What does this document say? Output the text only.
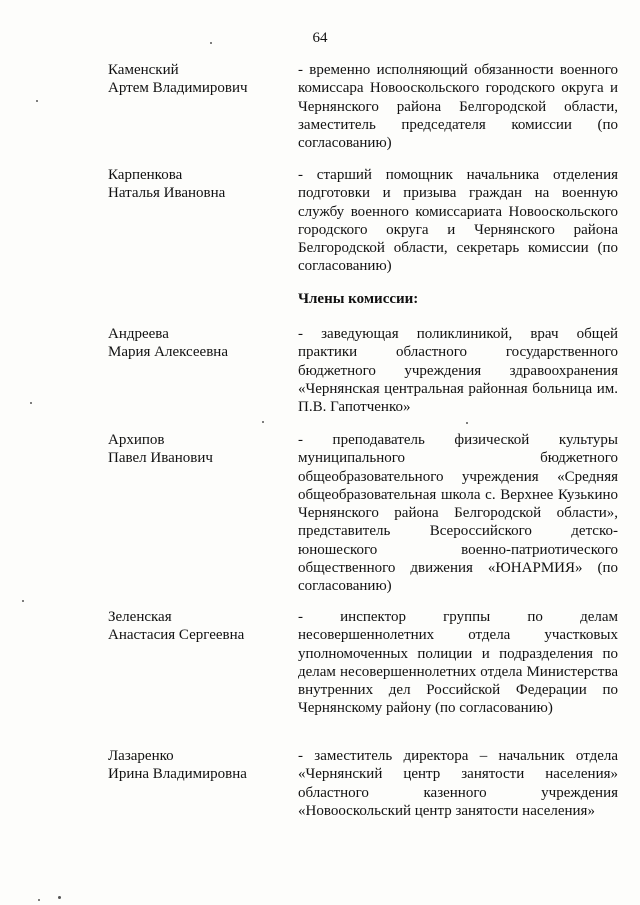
64
Каменский
Артем Владимирович
- временно исполняющий обязанности военного комиссара Новооскольского городского округа и Чернянского района Белгородской области, заместитель председателя комиссии (по согласованию)
Карпенкова
Наталья Ивановна
- старший помощник начальника отделения подготовки и призыва граждан на военную службу военного комиссариата Новооскольского городского округа и Чернянского района Белгородской области, секретарь комиссии (по согласованию)
Члены комиссии:
Андреева
Мария Алексеевна
- заведующая поликлиникой, врач общей практики областного государственного бюджетного учреждения здравоохранения «Чернянская центральная районная больница им. П.В. Гапотченко»
Архипов
Павел Иванович
- преподаватель физической культуры муниципального бюджетного общеобразовательного учреждения «Средняя общеобразовательная школа с. Верхнее Кузькино Чернянского района Белгородской области», представитель Всероссийского детско-юношеского военно-патриотического общественного движения «ЮНАРМИЯ» (по согласованию)
Зеленская
Анастасия Сергеевна
- инспектор группы по делам несовершеннолетних отдела участковых уполномоченных полиции и подразделения по делам несовершеннолетних отдела Министерства внутренних дел Российской Федерации по Чернянскому району (по согласованию)
Лазаренко
Ирина Владимировна
- заместитель директора – начальник отдела «Чернянский центр занятости населения» областного казенного учреждения «Новооскольский центр занятости населения»
